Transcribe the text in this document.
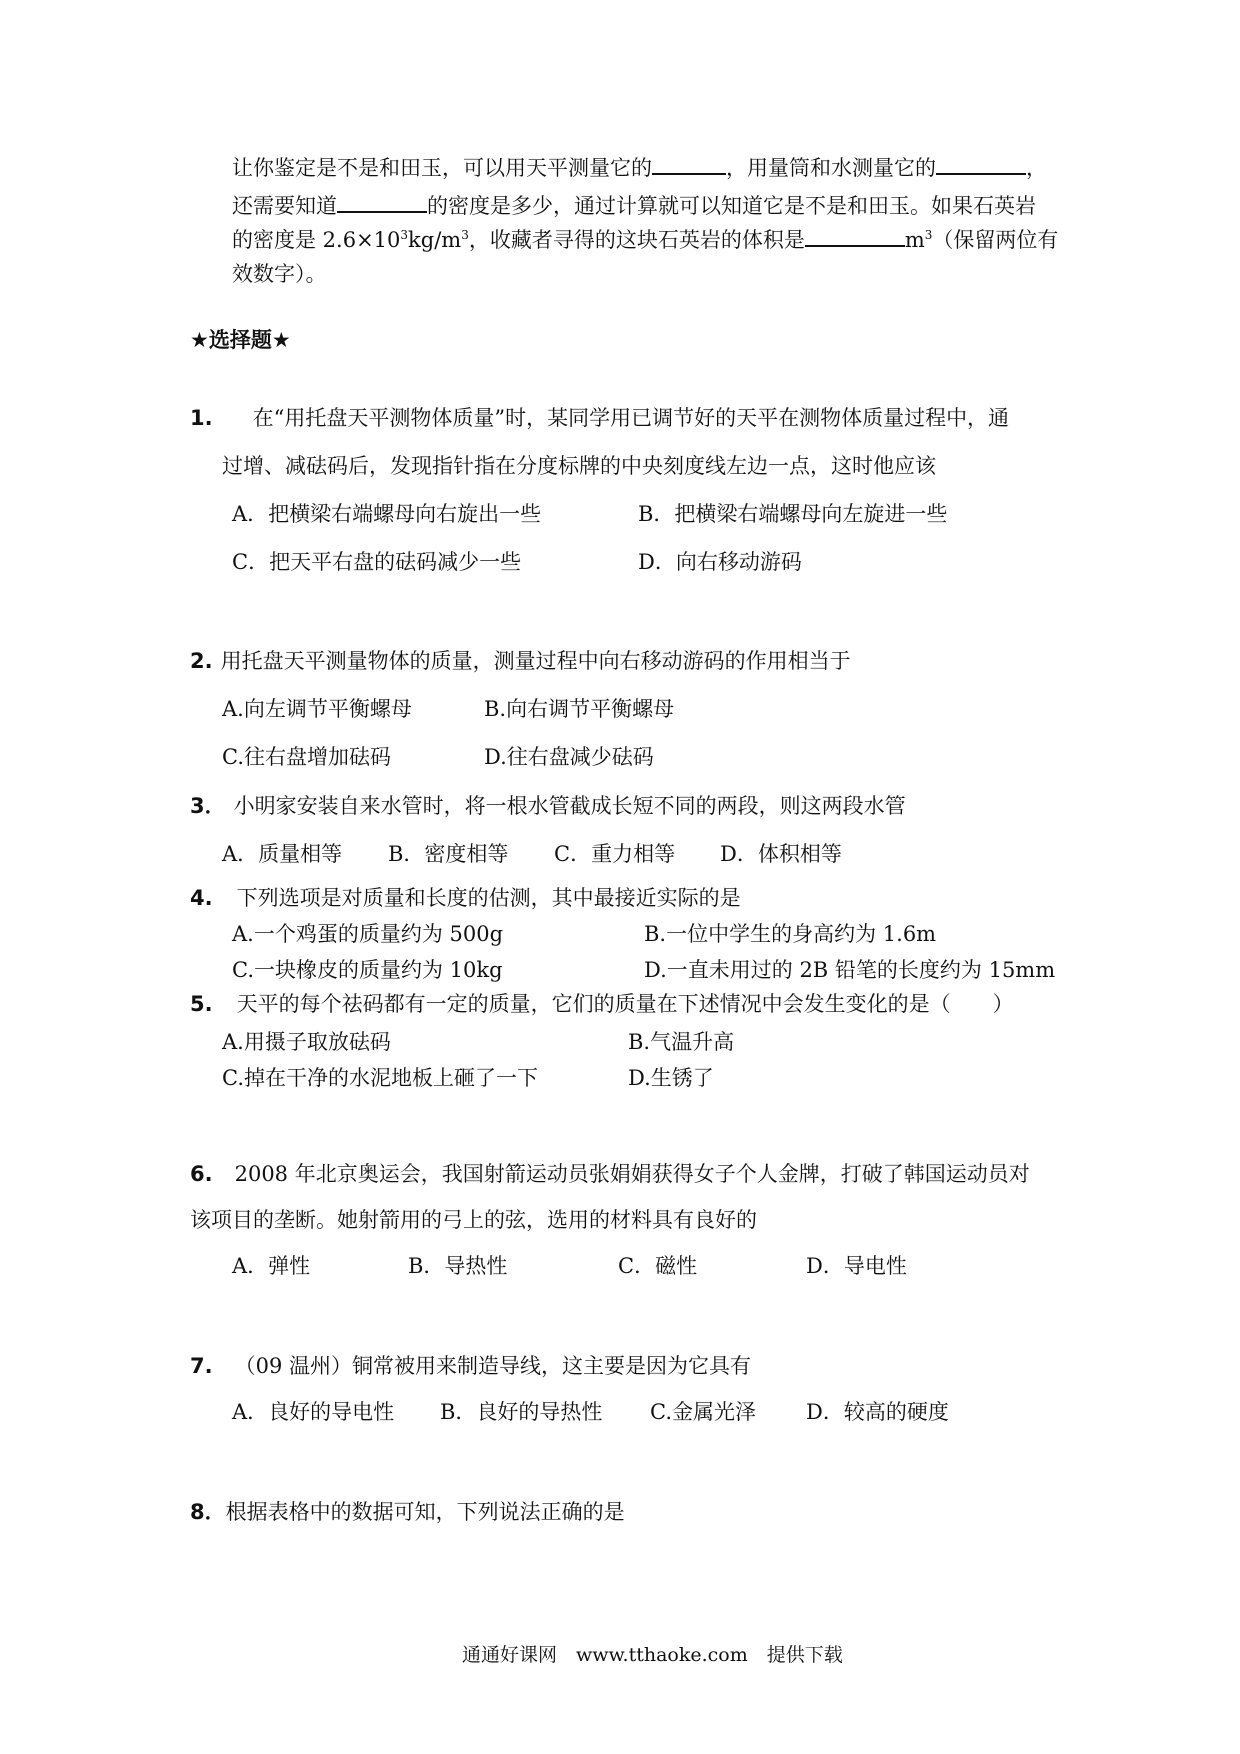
让你鉴定是不是和田玉，可以用天平测量它的	，用量筒和水测量它的	，
还需要知道	的密度是多少，通过计算就可以知道它是不是和田玉。如果石英岩
的密度是 $2.6\times 10^3kg/m^3$，收藏者寻得的这块石英岩的体积是	$m^3$（保留两位有
效数字）。
★选择题★
1. 在“用托盘天平测物体质量”时，某同学用已调节好的天平在测物体质量过程中，通
过增、减砝码后，发现指针指在分度标牌的中央刻度线左边一点，这时他应该
A．把横梁右端螺母向右旋出一些	B．把横梁右端螺母向左旋进一些
C．把天平右盘的砝码减少一些	D．向右移动游码
2. 用托盘天平测量物体的质量，测量过程中向右移动游码的作用相当于
A.向左调节平衡螺母	B.向右调节平衡螺母
C.往右盘增加砝码	D.往右盘减少砝码
3． 小明家安装自来水管时，将一根水管截成长短不同的两段，则这两段水管
A．质量相等 B．密度相等 C．重力相等 D．体积相等
4. 下列选项是对质量和长度的估测，其中最接近实际的是
A.一个鸡蛋的质量约为 500g	B.一位中学生的身高约为 1.6m
C.一块橡皮的质量约为 10kg	D.一直未用过的 2B 铅笔的长度约为 15mm
5. 天平的每个祛码都有一定的质量，它们的质量在下述情况中会发生变化的是（　　）
A.用摄子取放砝码	B.气温升高
C.掉在干净的水泥地板上砸了一下	D.生锈了
6. 2008 年北京奥运会，我国射箭运动员张娟娟获得女子个人金牌，打破了韩国运动员对
该项目的垄断。她射箭用的弓上的弦，选用的材料具有良好的
A．弹性	B．导热性	C．磁性	D．导电性
7. （09 温州）铜常被用来制造导线，这主要是因为它具有
A．良好的导电性 B．良好的导热性 C.金属光泽 D．较高的硬度
8．根据表格中的数据可知，下列说法正确的是
通通好课网　www.tthaoke.com　提供下载
